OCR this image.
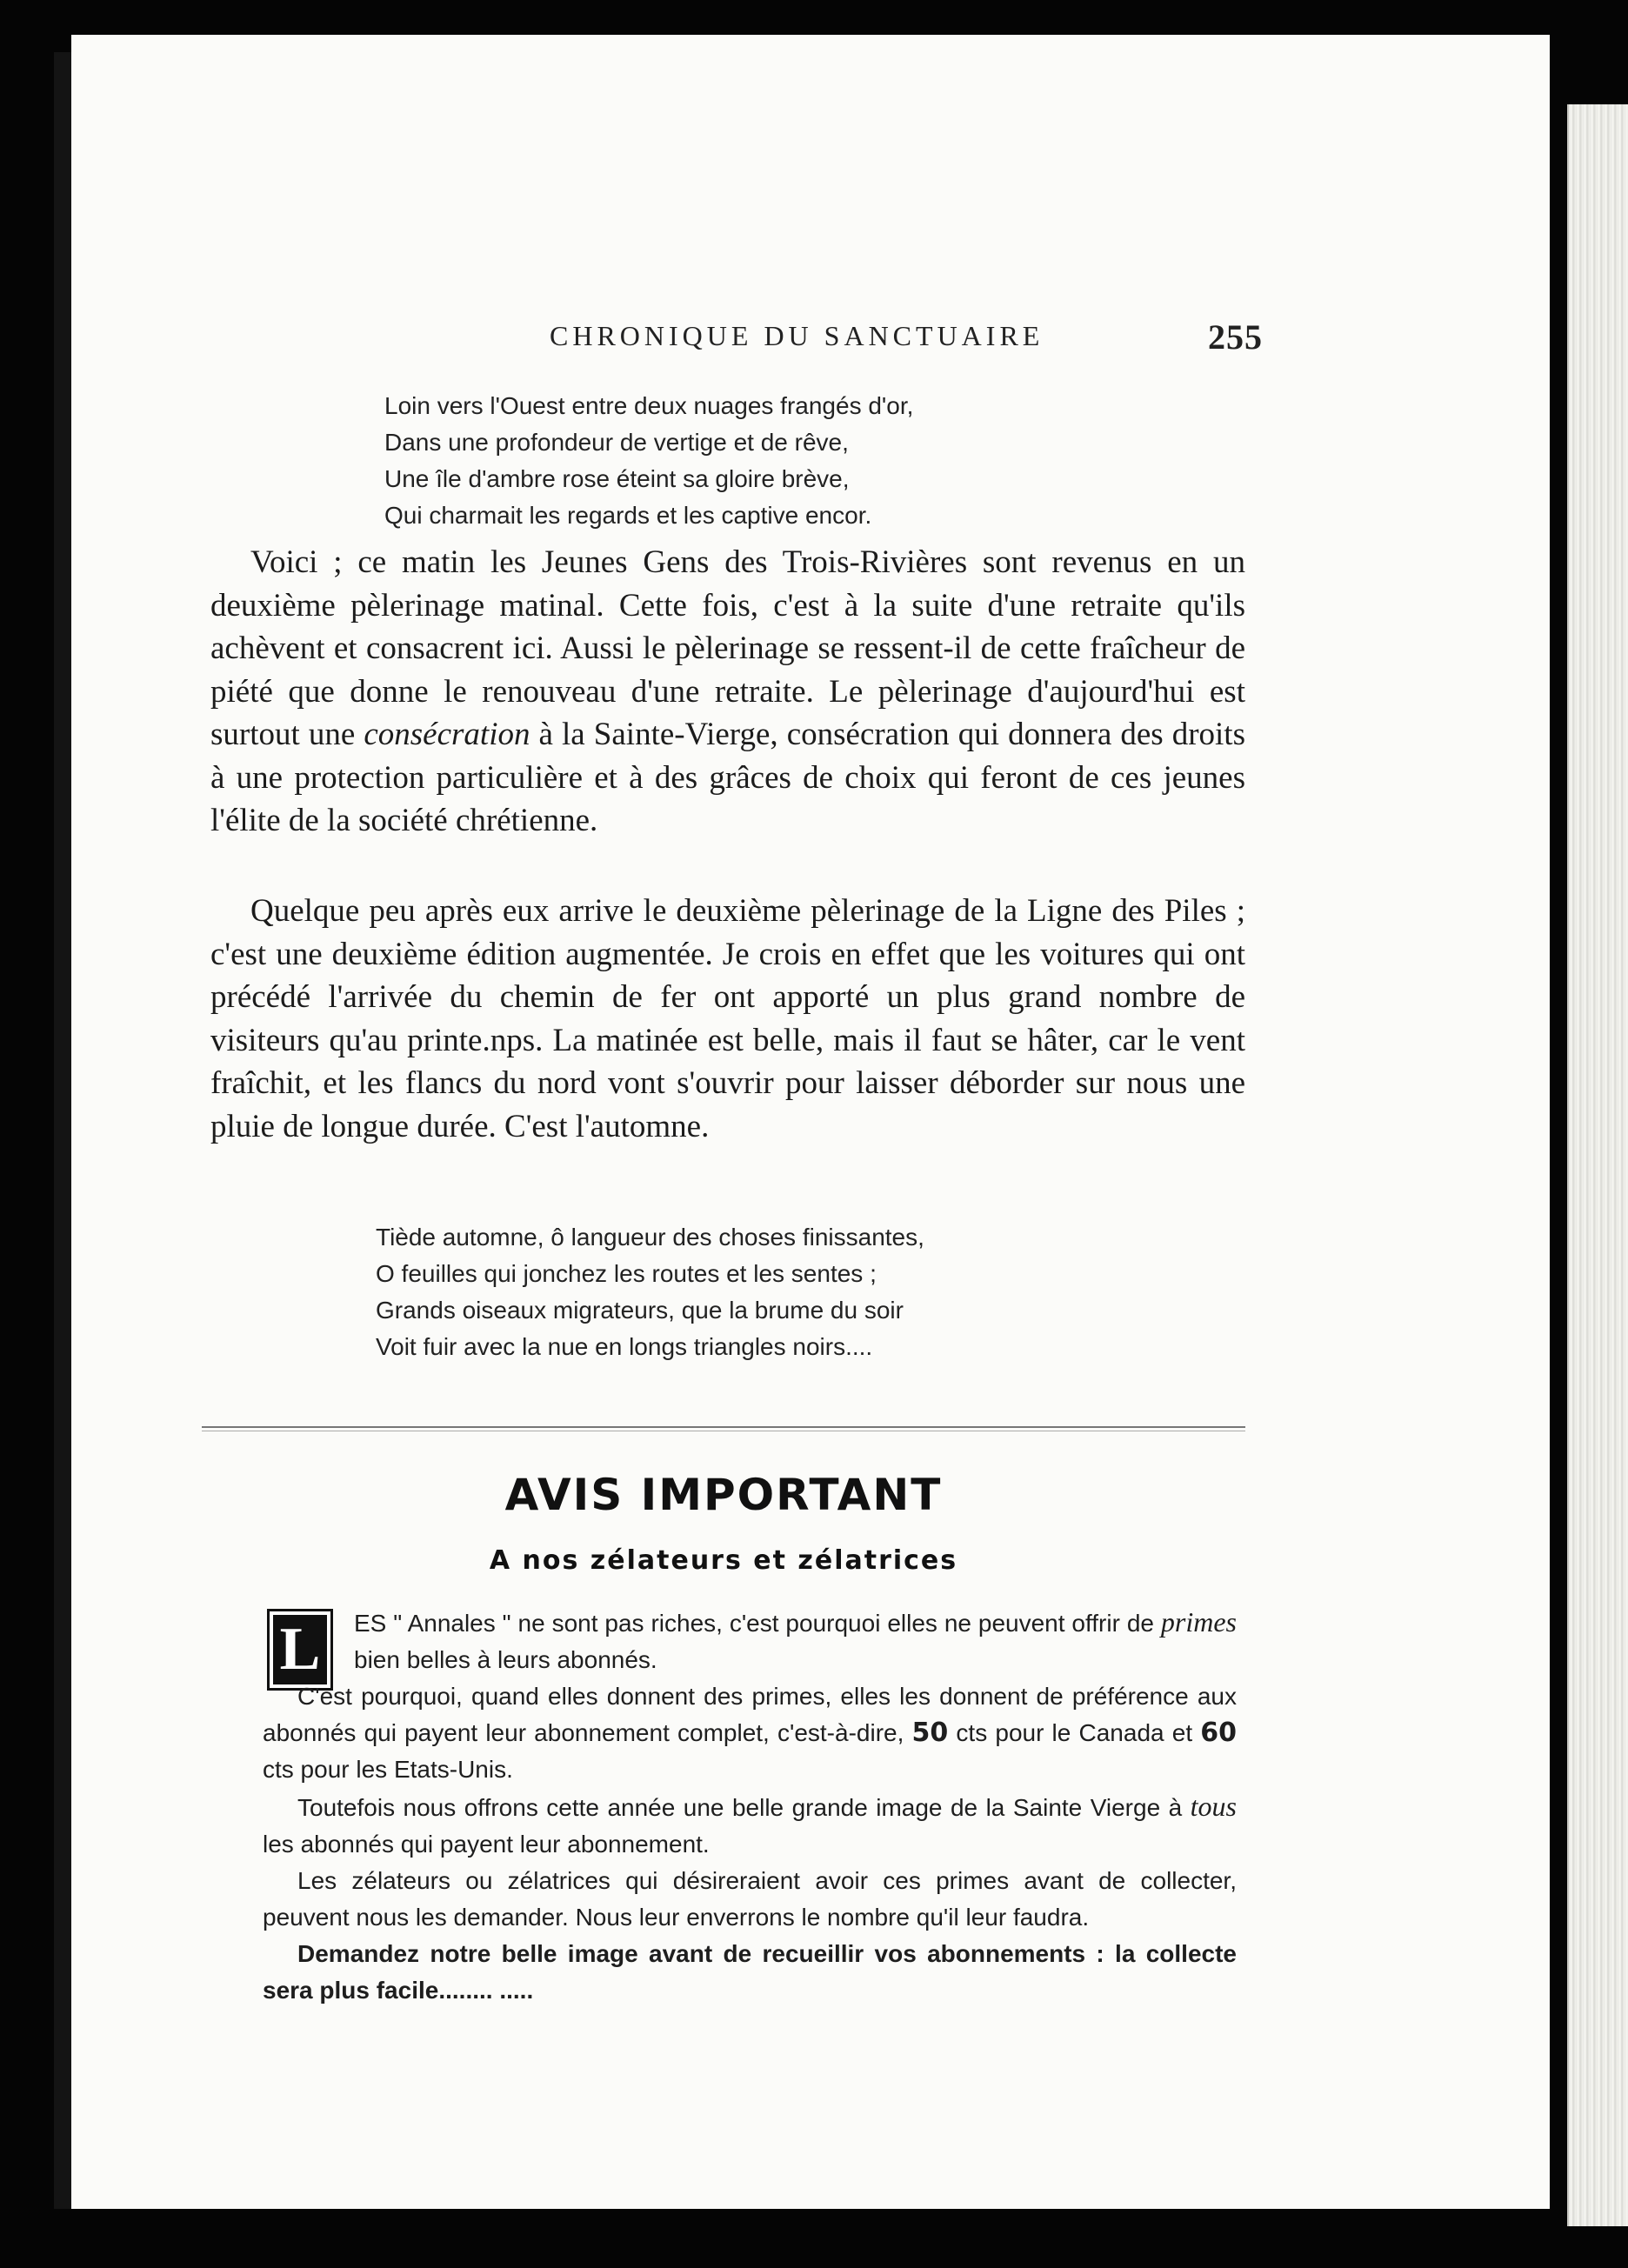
CHRONIQUE DU SANCTUAIRE	255
Loin vers l'Ouest entre deux nuages frangés d'or,
Dans une profondeur de vertige et de rêve,
Une île d'ambre rose éteint sa gloire brève,
Qui charmait les regards et les captive encor.

Voici ; ce matin les Jeunes Gens des Trois-Rivières sont revenus en un deuxième pèlerinage matinal. Cette fois, c'est à la suite d'une retraite qu'ils achèvent et consacrent ici. Aussi le pèlerinage se ressent-il de cette fraîcheur de piété que donne le renouveau d'une retraite. Le pèlerinage d'aujourd'hui est surtout une consécration à la Sainte-Vierge, consécration qui donnera des droits à une protection particulière et à des grâces de choix qui feront de ces jeunes l'élite de la société chrétienne.

Quelque peu après eux arrive le deuxième pèlerinage de la Ligne des Piles ; c'est une deuxième édition augmentée. Je crois en effet que les voitures qui ont précédé l'arrivée du chemin de fer ont apporté un plus grand nombre de visiteurs qu'au printe.nps. La matinée est belle, mais il faut se hâter, car le vent fraîchit, et les flancs du nord vont s'ouvrir pour laisser déborder sur nous une pluie de longue durée. C'est l'automne.

Tiède automne, ô langueur des choses finissantes,
O feuilles qui jonchez les routes et les sentes ;
Grands oiseaux migrateurs, que la brume du soir
Voit fuir avec la nue en longs triangles noirs....
AVIS IMPORTANT
A nos zélateurs et zélatrices
L	ES " Annales " ne sont pas riches, c'est pourquoi elles ne peuvent offrir de primes bien belles à leurs abonnés.

C'est pourquoi, quand elles donnent des primes, elles les donnent de préférence aux abonnés qui payent leur abonnement complet, c'est-à-dire, 50 cts pour le Canada et 60 cts pour les Etats-Unis.

Toutefois nous offrons cette année une belle grande image de la Sainte Vierge à tous les abonnés qui payent leur abonnement.

Les zélateurs ou zélatrices qui désireraient avoir ces primes avant de collecter, peuvent nous les demander. Nous leur enverrons le nombre qu'il leur faudra.

Demandez notre belle image avant de recueillir vos abonnements : la collecte sera plus facile........ .....
